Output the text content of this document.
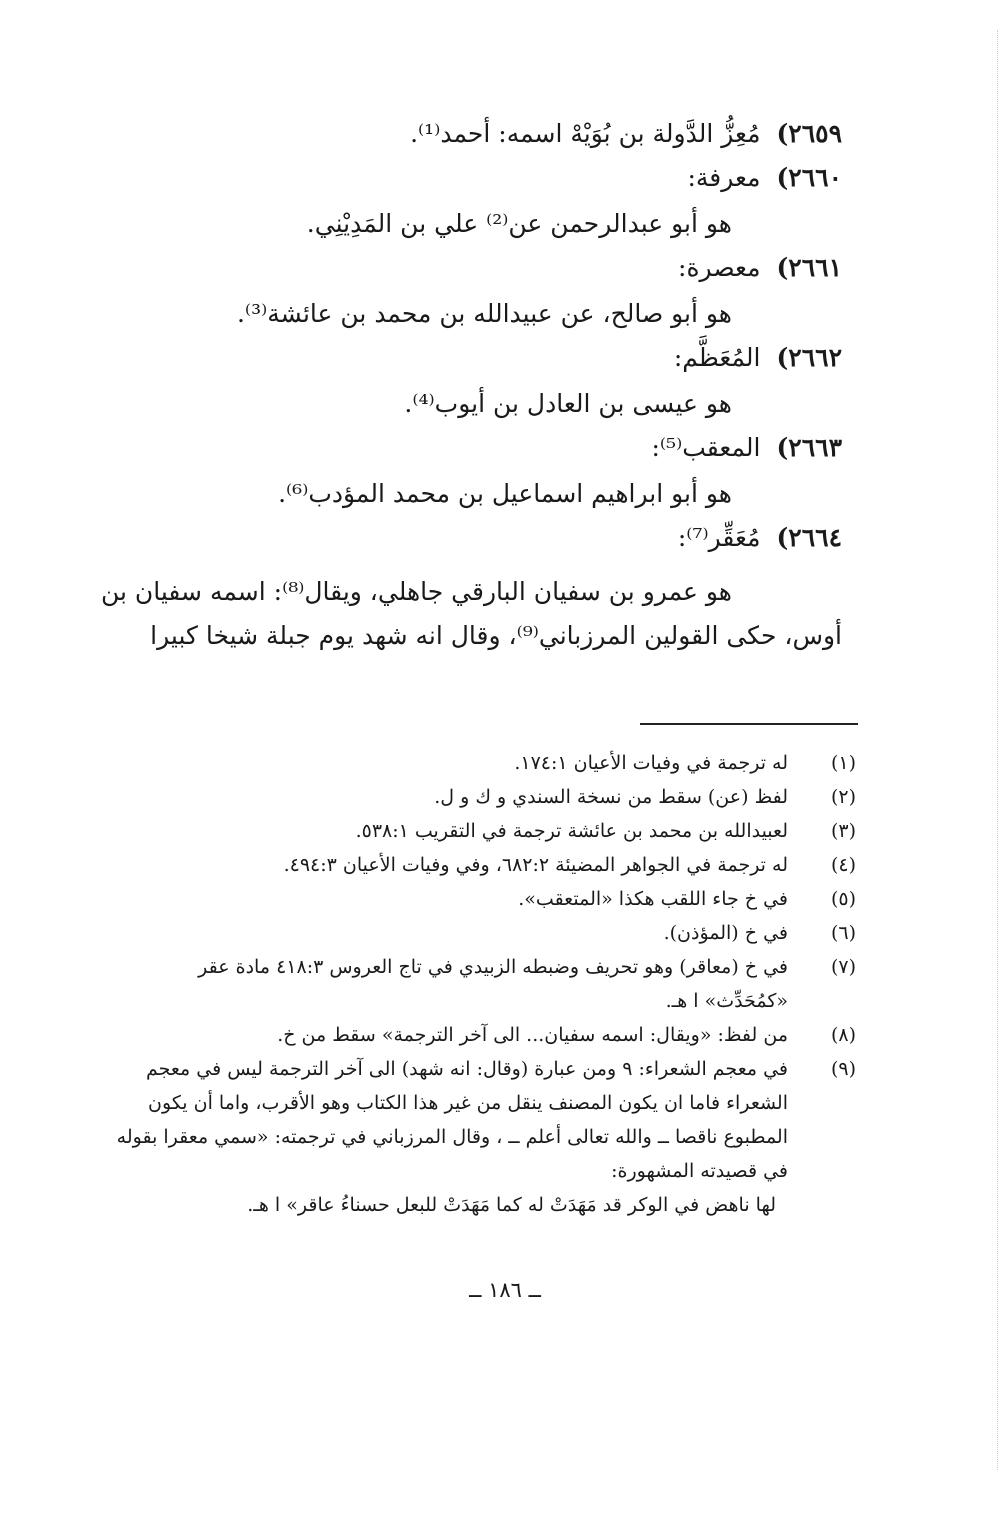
٢٦٥٩) مُعِزُّ الدَّولة بن بُوَيْهْ اسمه: أحمد⁽¹⁾.
٢٦٦٠) معرفة:
هو أبو عبدالرحمن عن⁽²⁾ علي بن المَدِيْنِي.
٢٦٦١) معصرة:
هو أبو صالح، عن عبيدالله بن محمد بن عائشة⁽³⁾.
٢٦٦٢) المُعَظَّم:
هو عيسى بن العادل بن أيوب⁽⁴⁾.
٢٦٦٣) المعقب⁽⁵⁾:
هو أبو ابراهيم اسماعيل بن محمد المؤدب⁽⁶⁾.
٢٦٦٤) مُعَقِّر⁽⁷⁾:
هو عمرو بن سفيان البارقي جاهلي، ويقال⁽⁸⁾: اسمه سفيان بن
أوس، حكى القولين المرزباني⁽⁹⁾، وقال انه شهد يوم جبلة شيخا كبيرا
(١)
له ترجمة في وفيات الأعيان ١٧٤:١.
(٢)
لفظ (عن) سقط من نسخة السندي و ك و ل.
(٣)
لعبيدالله بن محمد بن عائشة ترجمة في التقريب ٥٣٨:١.
(٤)
له ترجمة في الجواهر المضيئة ٦٨٢:٢، وفي وفيات الأعيان ٤٩٤:٣.
(٥)
في خ جاء اللقب هكذا «المتعقب».
(٦)
في خ (المؤذن).
(٧)
في خ (معاقر) وهو تحريف وضبطه الزبيدي في تاج العروس ٤١٨:٣ مادة عقر
«كمُحَدِّث» ا هـ.
(٨)
من لفظ: «ويقال: اسمه سفيان... الى آخر الترجمة» سقط من خ.
(٩)
في معجم الشعراء: ٩ ومن عبارة (وقال: انه شهد) الى آخر الترجمة ليس في معجم
الشعراء فاما ان يكون المصنف ينقل من غير هذا الكتاب وهو الأقرب، واما أن يكون
المطبوع ناقصا ــ والله تعالى أعلم ــ ، وقال المرزباني في ترجمته: «سمي معقرا بقوله
في قصيدته المشهورة:
لها ناهض في الوكر قد مَهَدَتْ له كما مَهَدَتْ للبعل حسناءُ عاقر» ا هـ.
ــ ١٨٦ ــ
